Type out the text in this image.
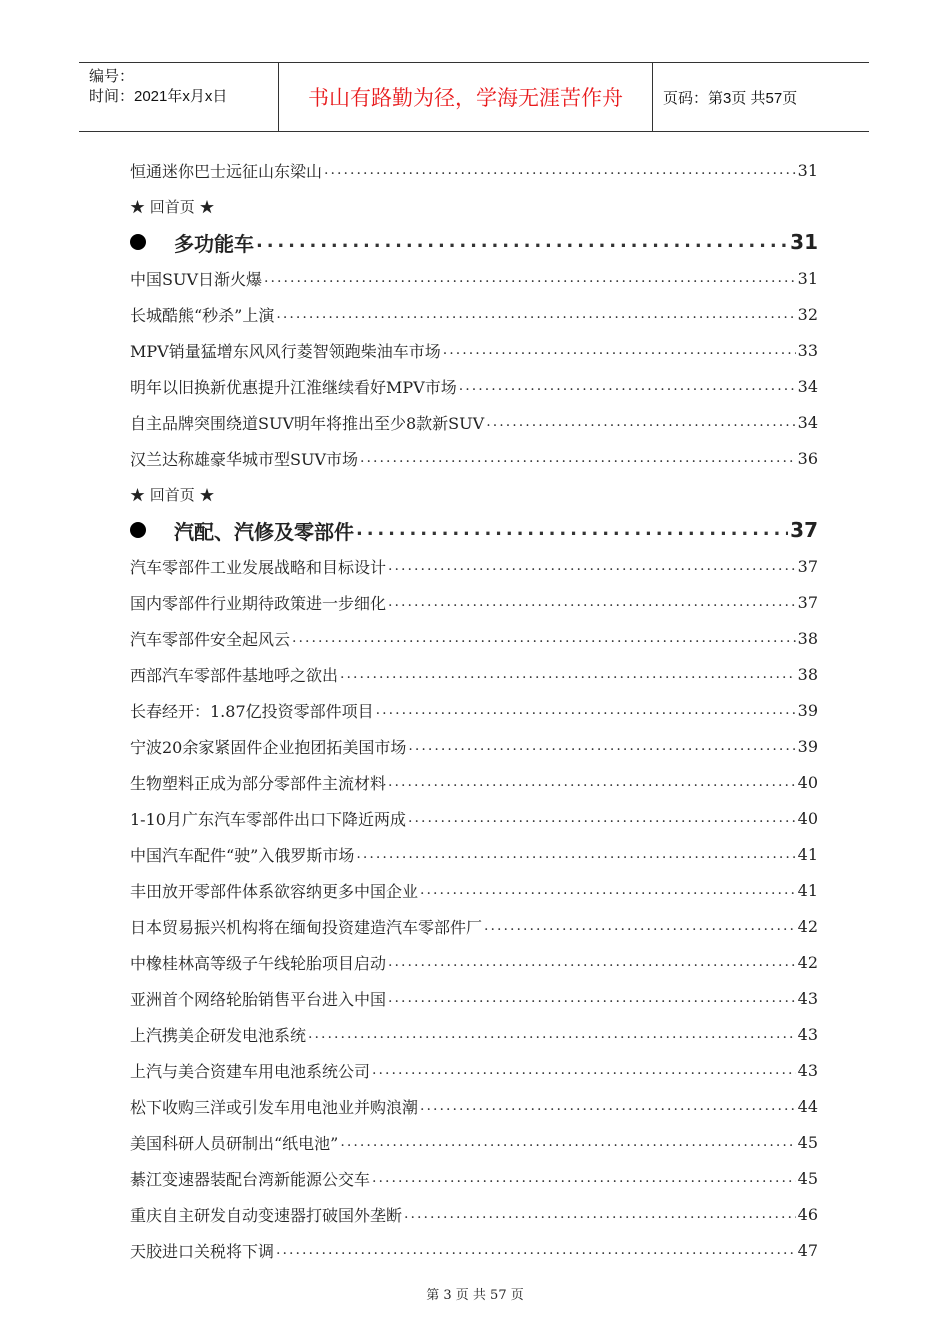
编号：
时间：2021年x月x日	书山有路勤为径，学海无涯苦作舟	页码：第3页 共57页
恒通迷你巴士远征山东梁山 . . .	31
★ 回首页 ★
多功能车 . . .	31
中国SUV日渐火爆 . . .	31
长城酷熊“秒杀”上演 . . .	32
MPV销量猛增东风风行菱智领跑柴油车市场 . . .	33
明年以旧换新优惠提升江淮继续看好MPV市场 . . .	34
自主品牌突围绕道SUV明年将推出至少8款新SUV . . .	34
汉兰达称雄豪华城市型SUV市场 . . .	36
★ 回首页 ★
汽配、汽修及零部件 . . .	37
汽车零部件工业发展战略和目标设计 . . .	37
国内零部件行业期待政策进一步细化 . . .	37
汽车零部件安全起风云 . . .	38
西部汽车零部件基地呼之欲出 . . .	38
长春经开：1.87亿投资零部件项目 . . .	39
宁波20余家紧固件企业抱团拓美国市场 . . .	39
生物塑料正成为部分零部件主流材料 . . .	40
1-10月广东汽车零部件出口下降近两成 . . .	40
中国汽车配件“驶”入俄罗斯市场 . . .	41
丰田放开零部件体系欲容纳更多中国企业 . . .	41
日本贸易振兴机构将在缅甸投资建造汽车零部件厂 . . .	42
中橡桂林高等级子午线轮胎项目启动 . . .	42
亚洲首个网络轮胎销售平台进入中国 . . .	43
上汽携美企研发电池系统 . . .	43
上汽与美合资建车用电池系统公司 . . .	43
松下收购三洋或引发车用电池业并购浪潮 . . .	44
美国科研人员研制出“纸电池” . . .	45
綦江变速器装配台湾新能源公交车 . . .	45
重庆自主研发自动变速器打破国外垄断 . . .	46
天胶进口关税将下调 . . .	47
第 3 页 共 57 页
